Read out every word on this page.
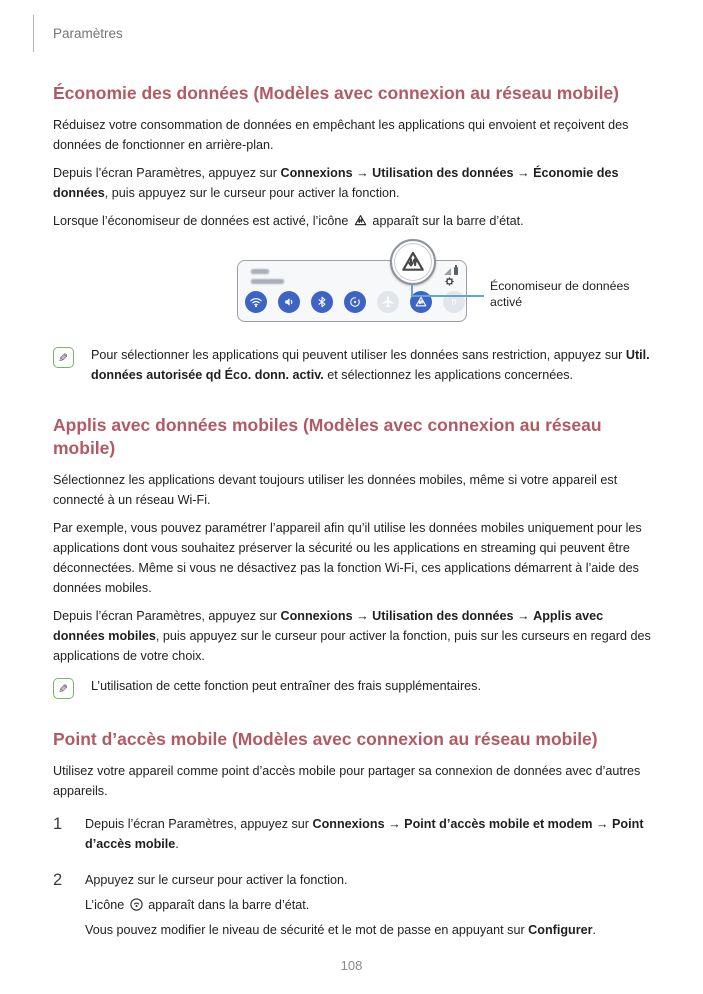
Paramètres
Économie des données (Modèles avec connexion au réseau mobile)

Réduisez votre consommation de données en empêchant les applications qui envoient et reçoivent des données de fonctionner en arrière-plan.

Depuis l’écran Paramètres, appuyez sur Connexions → Utilisation des données → Économie des données, puis appuyez sur le curseur pour activer la fonction.

Lorsque l’économiseur de données est activé, l’icône
apparaît sur la barre d’état.

D
Économiseur de données activé
✎ Pour sélectionner les applications qui peuvent utiliser les données sans restriction, appuyez sur Util. données autorisée qd Éco. donn. activ. et sélectionnez les applications concernées.

Applis avec données mobiles (Modèles avec connexion au réseau mobile)

Sélectionnez les applications devant toujours utiliser les données mobiles, même si votre appareil est connecté à un réseau Wi-Fi.

Par exemple, vous pouvez paramétrer l’appareil afin qu’il utilise les données mobiles uniquement pour les applications dont vous souhaitez préserver la sécurité ou les applications en streaming qui peuvent être déconnectées. Même si vous ne désactivez pas la fonction Wi-Fi, ces applications démarrent à l’aide des données mobiles.

Depuis l’écran Paramètres, appuyez sur Connexions → Utilisation des données → Applis avec données mobiles, puis appuyez sur le curseur pour activer la fonction, puis sur les curseurs en regard des applications de votre choix.

✎ L’utilisation de cette fonction peut entraîner des frais supplémentaires.

Point d’accès mobile (Modèles avec connexion au réseau mobile)

Utilisez votre appareil comme point d’accès mobile pour partager sa connexion de données avec d’autres appareils.

1	Depuis l’écran Paramètres, appuyez sur Connexions → Point d’accès mobile et modem → Point d’accès mobile.

2	Appuyez sur le curseur pour activer la fonction.

L’icône
apparaît dans la barre d’état.

Vous pouvez modifier le niveau de sécurité et le mot de passe en appuyant sur Configurer.

108
